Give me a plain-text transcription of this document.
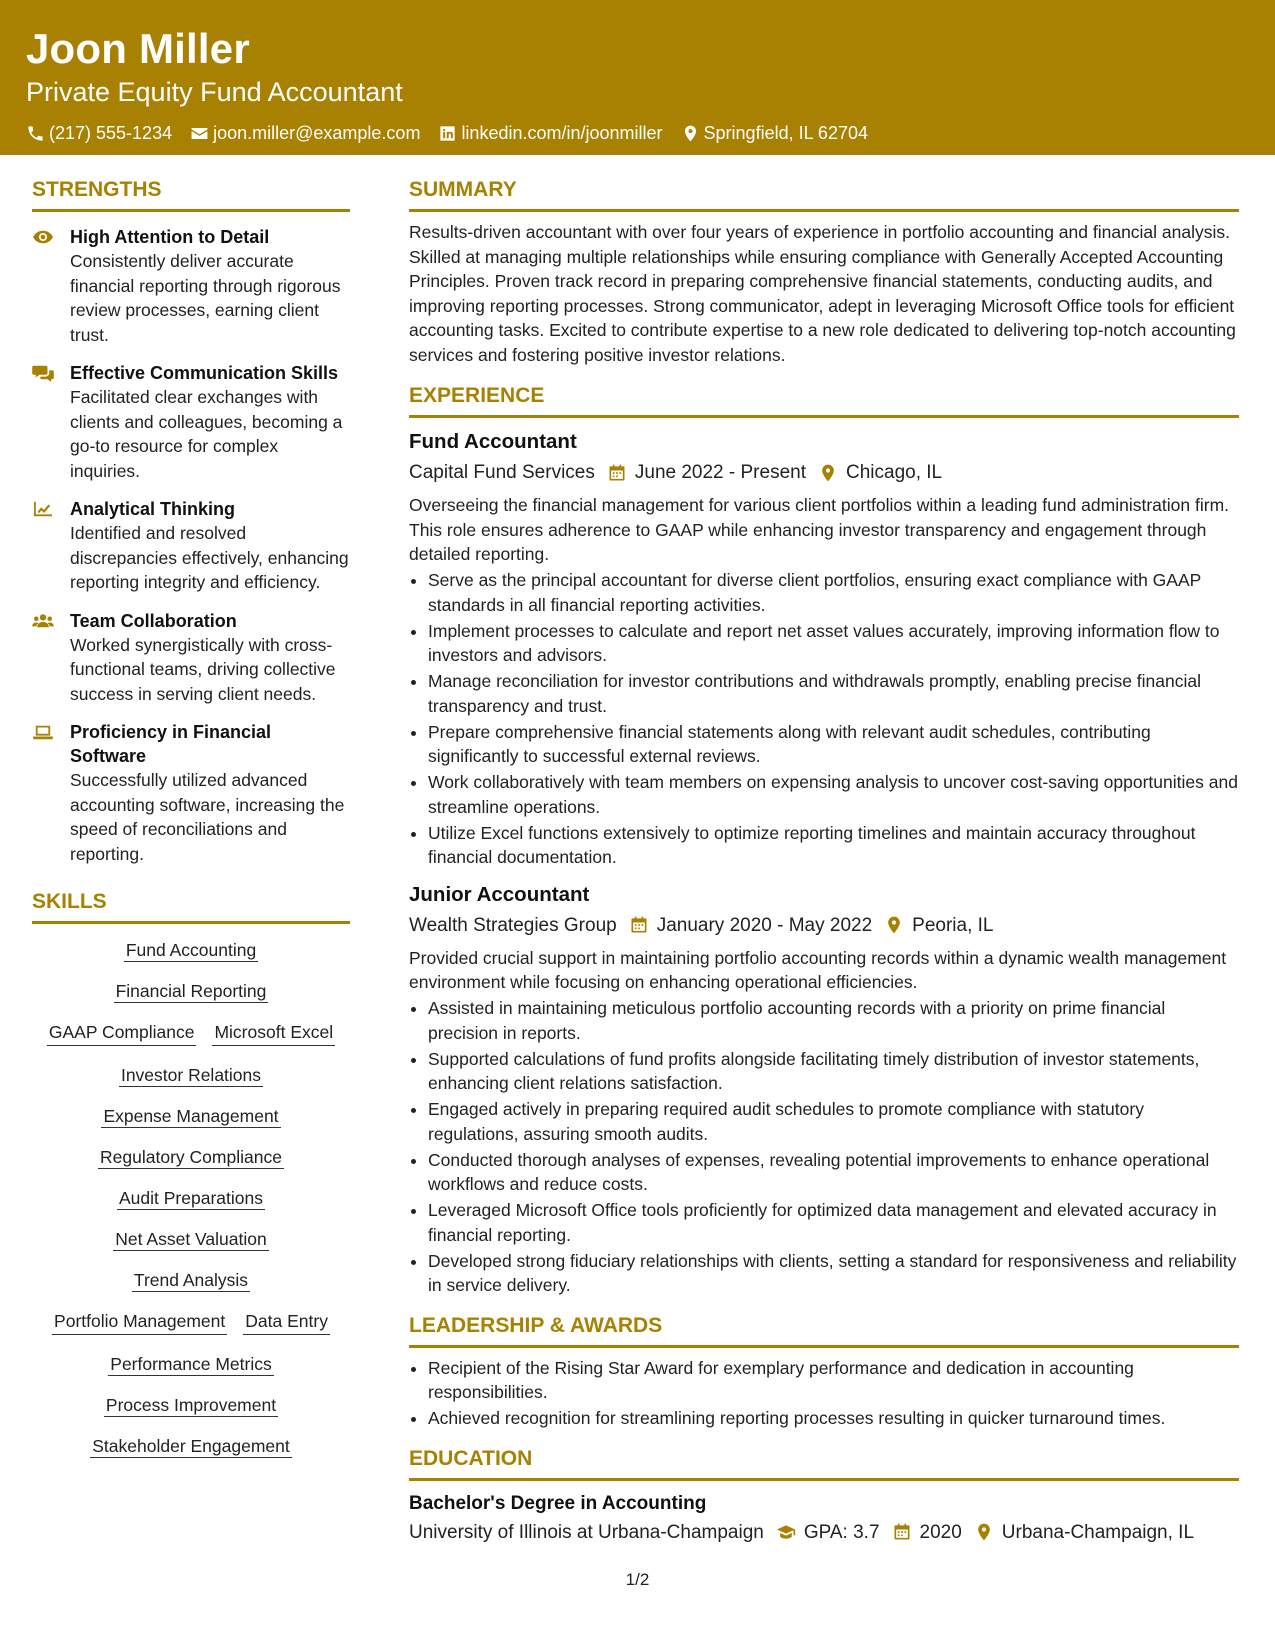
Joon Miller
Private Equity Fund Accountant
(217) 555-1234 joon.miller@example.com linkedin.com/in/joonmiller Springfield, IL 62704
STRENGTHS
High Attention to Detail
Consistently deliver accurate financial reporting through rigorous review processes, earning client trust.
Effective Communication Skills
Facilitated clear exchanges with clients and colleagues, becoming a go-to resource for complex inquiries.
Analytical Thinking
Identified and resolved discrepancies effectively, enhancing reporting integrity and efficiency.
Team Collaboration
Worked synergistically with cross-functional teams, driving collective success in serving client needs.
Proficiency in Financial Software
Successfully utilized advanced accounting software, increasing the speed of reconciliations and reporting.
SKILLS
Fund Accounting
Financial Reporting
GAAP Compliance Microsoft Excel
Investor Relations
Expense Management
Regulatory Compliance
Audit Preparations
Net Asset Valuation
Trend Analysis
Portfolio Management Data Entry
Performance Metrics
Process Improvement
Stakeholder Engagement
SUMMARY
Results-driven accountant with over four years of experience in portfolio accounting and financial analysis. Skilled at managing multiple relationships while ensuring compliance with Generally Accepted Accounting Principles. Proven track record in preparing comprehensive financial statements, conducting audits, and improving reporting processes. Strong communicator, adept in leveraging Microsoft Office tools for efficient accounting tasks. Excited to contribute expertise to a new role dedicated to delivering top-notch accounting services and fostering positive investor relations.
EXPERIENCE
Fund Accountant
Capital Fund Services June 2022 - Present Chicago, IL
Overseeing the financial management for various client portfolios within a leading fund administration firm. This role ensures adherence to GAAP while enhancing investor transparency and engagement through detailed reporting.
• Serve as the principal accountant for diverse client portfolios, ensuring exact compliance with GAAP standards in all financial reporting activities.
• Implement processes to calculate and report net asset values accurately, improving information flow to investors and advisors.
• Manage reconciliation for investor contributions and withdrawals promptly, enabling precise financial transparency and trust.
• Prepare comprehensive financial statements along with relevant audit schedules, contributing significantly to successful external reviews.
• Work collaboratively with team members on expensing analysis to uncover cost-saving opportunities and streamline operations.
• Utilize Excel functions extensively to optimize reporting timelines and maintain accuracy throughout financial documentation.
Junior Accountant
Wealth Strategies Group January 2020 - May 2022 Peoria, IL
Provided crucial support in maintaining portfolio accounting records within a dynamic wealth management environment while focusing on enhancing operational efficiencies.
• Assisted in maintaining meticulous portfolio accounting records with a priority on prime financial precision in reports.
• Supported calculations of fund profits alongside facilitating timely distribution of investor statements, enhancing client relations satisfaction.
• Engaged actively in preparing required audit schedules to promote compliance with statutory regulations, assuring smooth audits.
• Conducted thorough analyses of expenses, revealing potential improvements to enhance operational workflows and reduce costs.
• Leveraged Microsoft Office tools proficiently for optimized data management and elevated accuracy in financial reporting.
• Developed strong fiduciary relationships with clients, setting a standard for responsiveness and reliability in service delivery.
LEADERSHIP & AWARDS
• Recipient of the Rising Star Award for exemplary performance and dedication in accounting responsibilities.
• Achieved recognition for streamlining reporting processes resulting in quicker turnaround times.
EDUCATION
Bachelor's Degree in Accounting
University of Illinois at Urbana-Champaign GPA: 3.7 2020 Urbana-Champaign, IL
1/2
